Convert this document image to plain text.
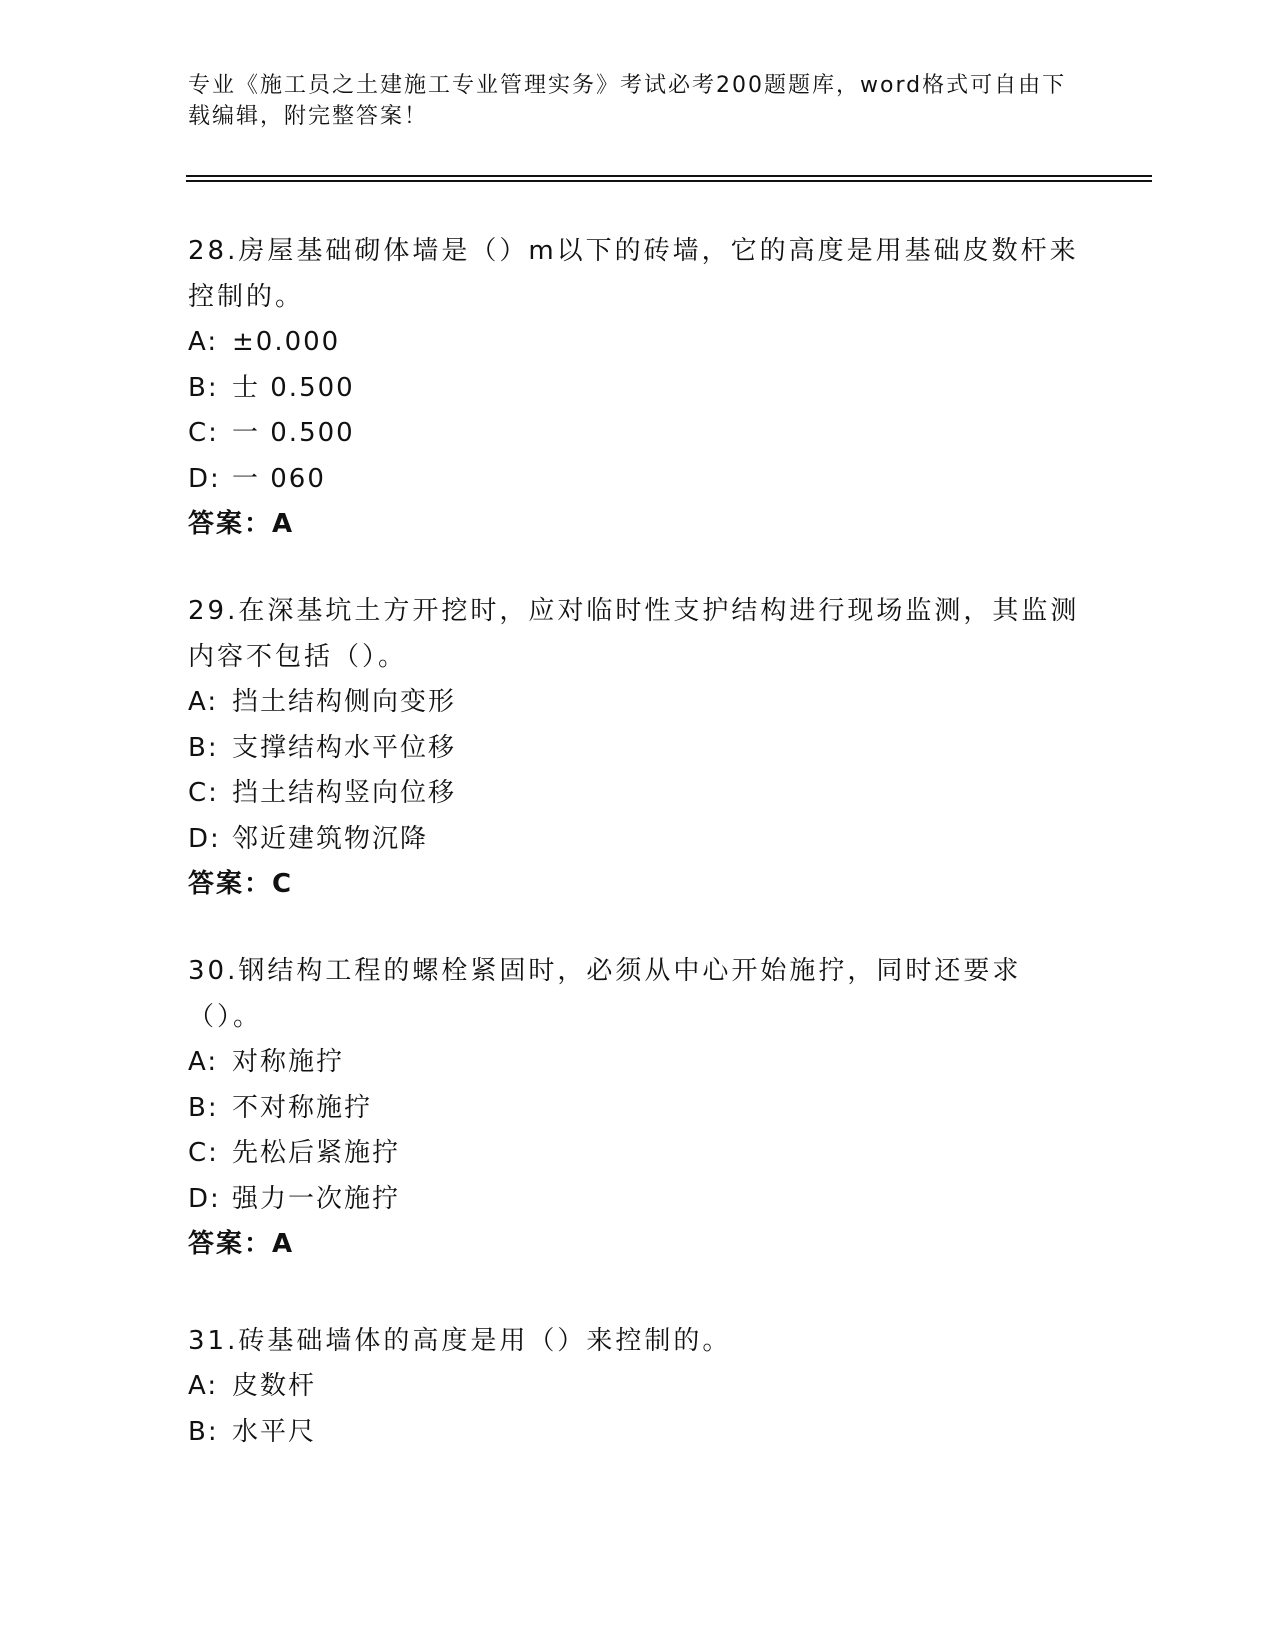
专业《施工员之土建施工专业管理实务》考试必考200题题库，word格式可自由下载编辑，附完整答案！

28.房屋基础砌体墙是（）m以下的砖墙，它的高度是用基础皮数杆来控制的。

A: ±0.000
B: 士 0.500
C: 一 0.500
D: 一 060
答案：A

29.在深基坑土方开挖时，应对临时性支护结构进行现场监测，其监测内容不包括（）。

A: 挡土结构侧向变形
B: 支撑结构水平位移
C: 挡土结构竖向位移
D: 邻近建筑物沉降
答案：C

30.钢结构工程的螺栓紧固时，必须从中心开始施拧，同时还要求（）。

A: 对称施拧
B: 不对称施拧
C: 先松后紧施拧
D: 强力一次施拧
答案：A

31.砖基础墙体的高度是用（）来控制的。

A: 皮数杆
B: 水平尺
